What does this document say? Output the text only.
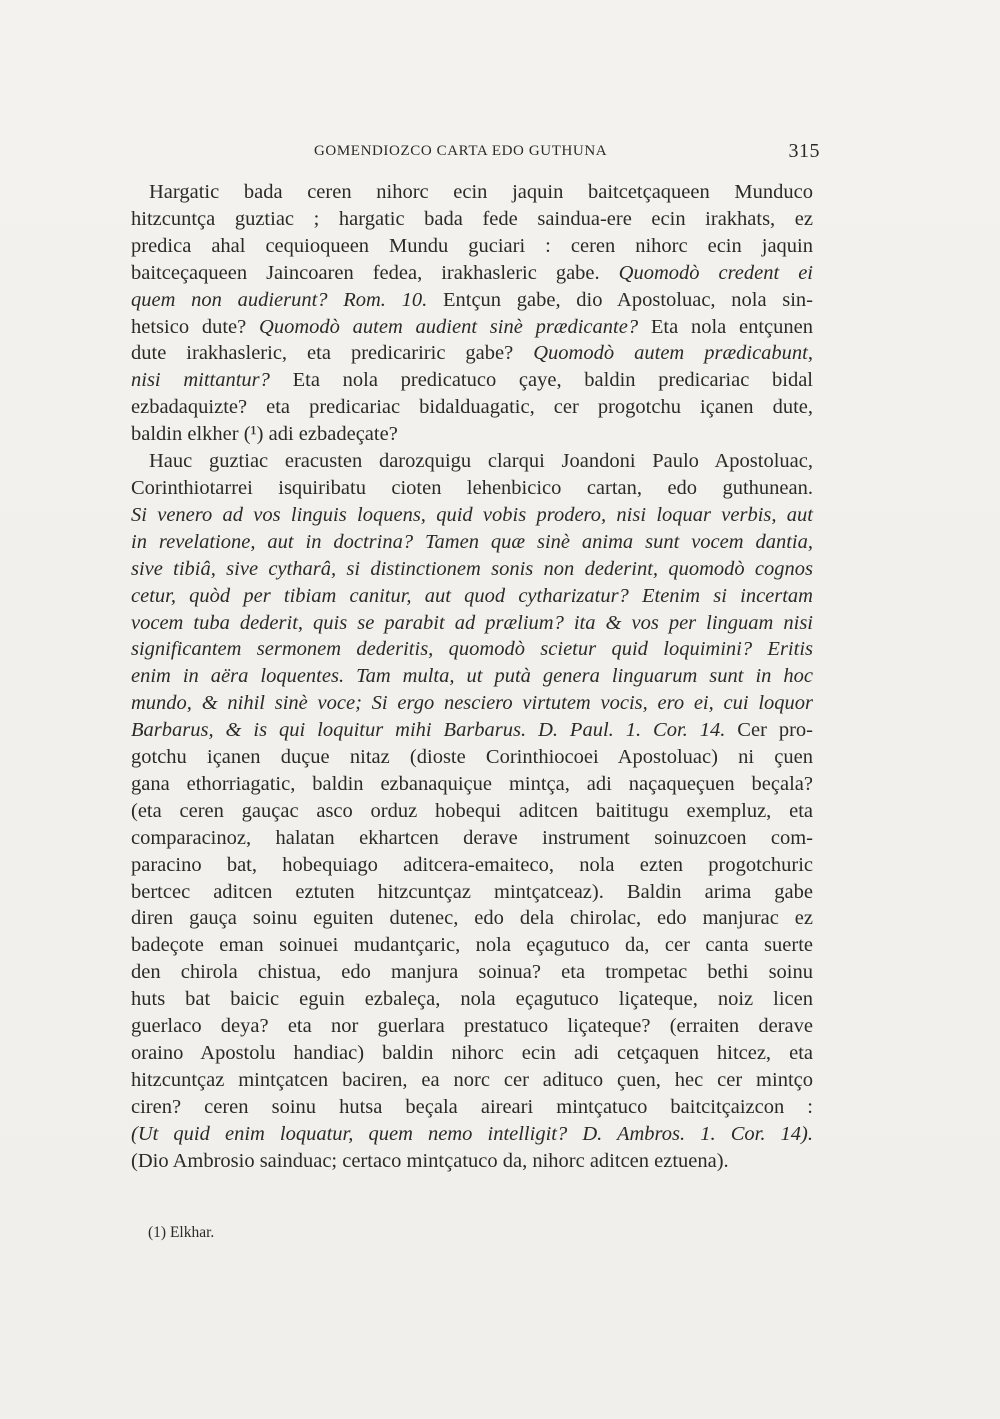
GOMENDIOZCO CARTA EDO GUTHUNA	315
Hargatic bada ceren nihorc ecin jaquin baitcetçaqueen Munduco
hitzcuntça guztiac ; hargatic bada fede saindua-ere ecin irakhats, ez
predica ahal cequioqueen Mundu guciari : ceren nihorc ecin jaquin
baitceçaqueen Jaincoaren fedea, irakhasleric gabe. Quomodò credent ei
quem non audierunt? Rom. 10. Entçun gabe, dio Apostoluac, nola sin-
hetsico dute? Quomodò autem audient sinè prædicante? Eta nola entçunen
dute irakhasleric, eta predicariric gabe? Quomodò autem prædicabunt,
nisi mittantur? Eta nola predicatuco çaye, baldin predicariac bidal
ezbadaquizte? eta predicariac bidalduagatic, cer progotchu içanen dute,
baldin elkher (¹) adi ezbadeçate?
Hauc guztiac eracusten darozquigu clarqui Joandoni Paulo Apostoluac,
Corinthiotarrei isquiribatu cioten lehenbicico cartan, edo guthunean.
Si venero ad vos linguis loquens, quid vobis prodero, nisi loquar verbis, aut
in revelatione, aut in doctrina? Tamen quæ sinè anima sunt vocem dantia,
sive tibiâ, sive cytharâ, si distinctionem sonis non dederint, quomodò cognos
cetur, quòd per tibiam canitur, aut quod cytharizatur? Etenim si incertam
vocem tuba dederit, quis se parabit ad prælium? ita & vos per linguam nisi
significantem sermonem dederitis, quomodò scietur quid loquimini? Eritis
enim in aëra loquentes. Tam multa, ut putà genera linguarum sunt in hoc
mundo, & nihil sinè voce; Si ergo nesciero virtutem vocis, ero ei, cui loquor
Barbarus, & is qui loquitur mihi Barbarus. D. Paul. 1. Cor. 14. Cer pro-
gotchu içanen duçue nitaz (dioste Corinthiocoei Apostoluac) ni çuen
gana ethorriagatic, baldin ezbanaquiçue mintça, adi naçaqueçuen beçala?
(eta ceren gauçac asco orduz hobequi aditcen baititugu exempluz, eta
comparacinoz, halatan ekhartcen derave instrument soinuzcoen com-
paracino bat, hobequiago aditcera-emaiteco, nola ezten progotchuric
bertcec aditcen eztuten hitzcuntçaz mintçatceaz). Baldin arima gabe
diren gauça soinu eguiten dutenec, edo dela chirolac, edo manjurac ez
badeçote eman soinuei mudantçaric, nola eçagutuco da, cer canta suerte
den chirola chistua, edo manjura soinua? eta trompetac bethi soinu
huts bat baicic eguin ezbaleça, nola eçagutuco liçateque, noiz licen
guerlaco deya? eta nor guerlara prestatuco liçateque? (erraiten derave
oraino Apostolu handiac) baldin nihorc ecin adi cetçaquen hitcez, eta
hitzcuntçaz mintçatcen baciren, ea norc cer adituco çuen, hec cer mintço
ciren? ceren soinu hutsa beçala aireari mintçatuco baitcitçaizcon :
(Ut quid enim loquatur, quem nemo intelligit? D. Ambros. 1. Cor. 14).
(Dio Ambrosio sainduac; certaco mintçatuco da, nihorc aditcen eztuena).
(1) Elkhar.
